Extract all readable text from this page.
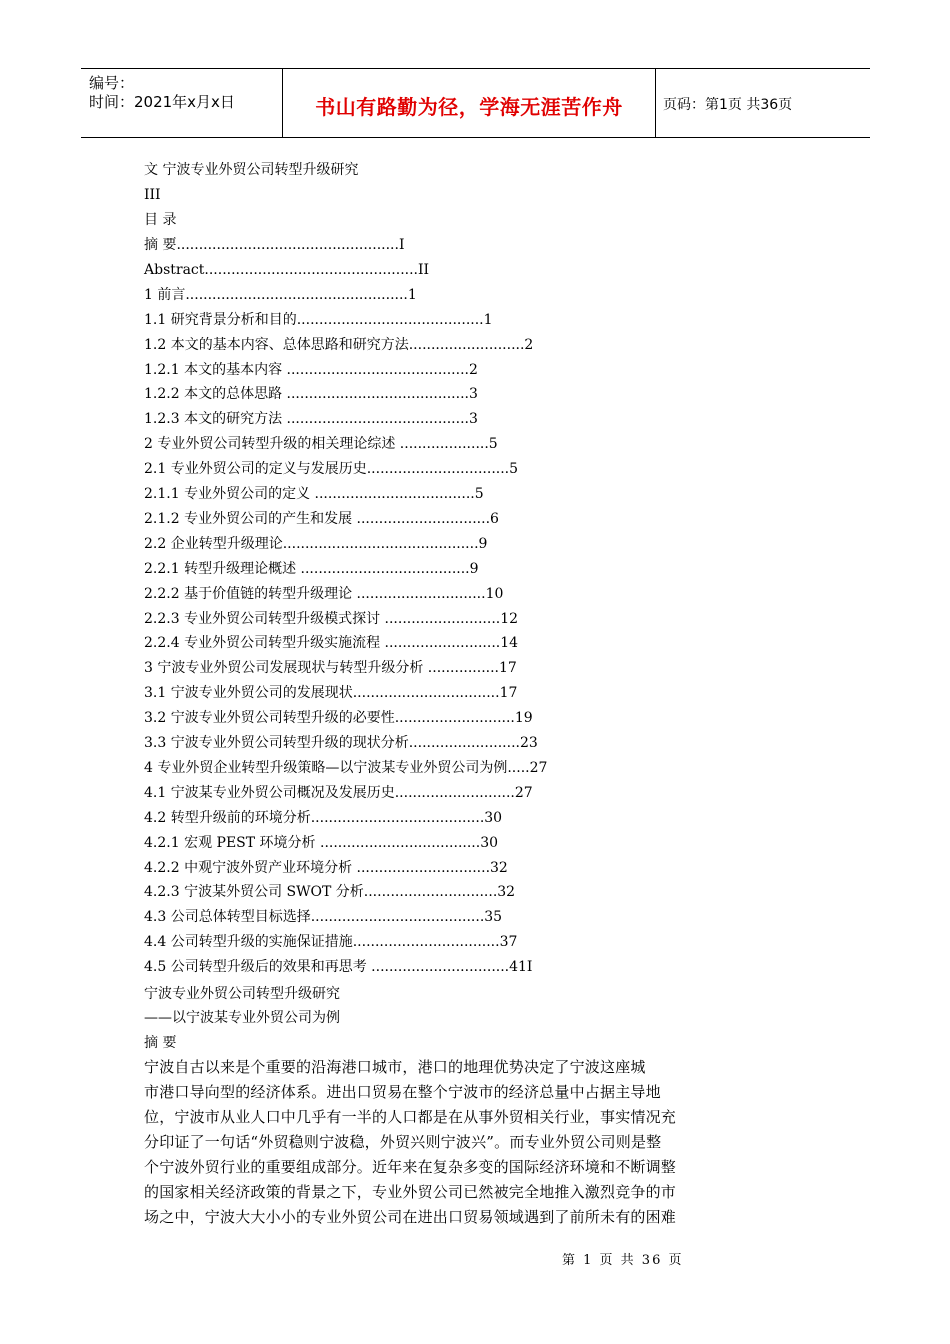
编号：
时间：2021年x月x日	书山有路勤为径，学海无涯苦作舟	页码：第1页 共36页
文 宁波专业外贸公司转型升级研究
III
目 录
摘 要..................................................I
Abstract................................................II
1 前言..................................................1
1.1 研究背景分析和目的..........................................1
1.2 本文的基本内容、总体思路和研究方法..........................2
1.2.1 本文的基本内容 .........................................2
1.2.2 本文的总体思路 .........................................3
1.2.3 本文的研究方法 .........................................3
2 专业外贸公司转型升级的相关理论综述 ....................5
2.1 专业外贸公司的定义与发展历史................................5
2.1.1 专业外贸公司的定义 ....................................5
2.1.2 专业外贸公司的产生和发展 ..............................6
2.2 企业转型升级理论............................................9
2.2.1 转型升级理论概述 ......................................9
2.2.2 基于价值链的转型升级理论 .............................10
2.2.3 专业外贸公司转型升级模式探讨 ..........................12
2.2.4 专业外贸公司转型升级实施流程 ..........................14
3 宁波专业外贸公司发展现状与转型升级分析 ................17
3.1 宁波专业外贸公司的发展现状.................................17
3.2 宁波专业外贸公司转型升级的必要性...........................19
3.3 宁波专业外贸公司转型升级的现状分析.........................23
4 专业外贸企业转型升级策略—以宁波某专业外贸公司为例.....27
4.1 宁波某专业外贸公司概况及发展历史...........................27
4.2 转型升级前的环境分析.......................................30
4.2.1 宏观 PEST 环境分析 ....................................30
4.2.2 中观宁波外贸产业环境分析 ..............................32
4.2.3 宁波某外贸公司 SWOT 分析..............................32
4.3 公司总体转型目标选择.......................................35
4.4 公司转型升级的实施保证措施.................................37
4.5 公司转型升级后的效果和再思考 ...............................41I
宁波专业外贸公司转型升级研究
——以宁波某专业外贸公司为例
摘 要
宁波自古以来是个重要的沿海港口城市，港口的地理优势决定了宁波这座城
市港口导向型的经济体系。进出口贸易在整个宁波市的经济总量中占据主导地
位，宁波市从业人口中几乎有一半的人口都是在从事外贸相关行业，事实情况充
分印证了一句话“外贸稳则宁波稳，外贸兴则宁波兴”。而专业外贸公司则是整
个宁波外贸行业的重要组成部分。近年来在复杂多变的国际经济环境和不断调整
的国家相关经济政策的背景之下，专业外贸公司已然被完全地推入激烈竞争的市
场之中，宁波大大小小的专业外贸公司在进出口贸易领域遇到了前所未有的困难
第 1 页 共 36 页
